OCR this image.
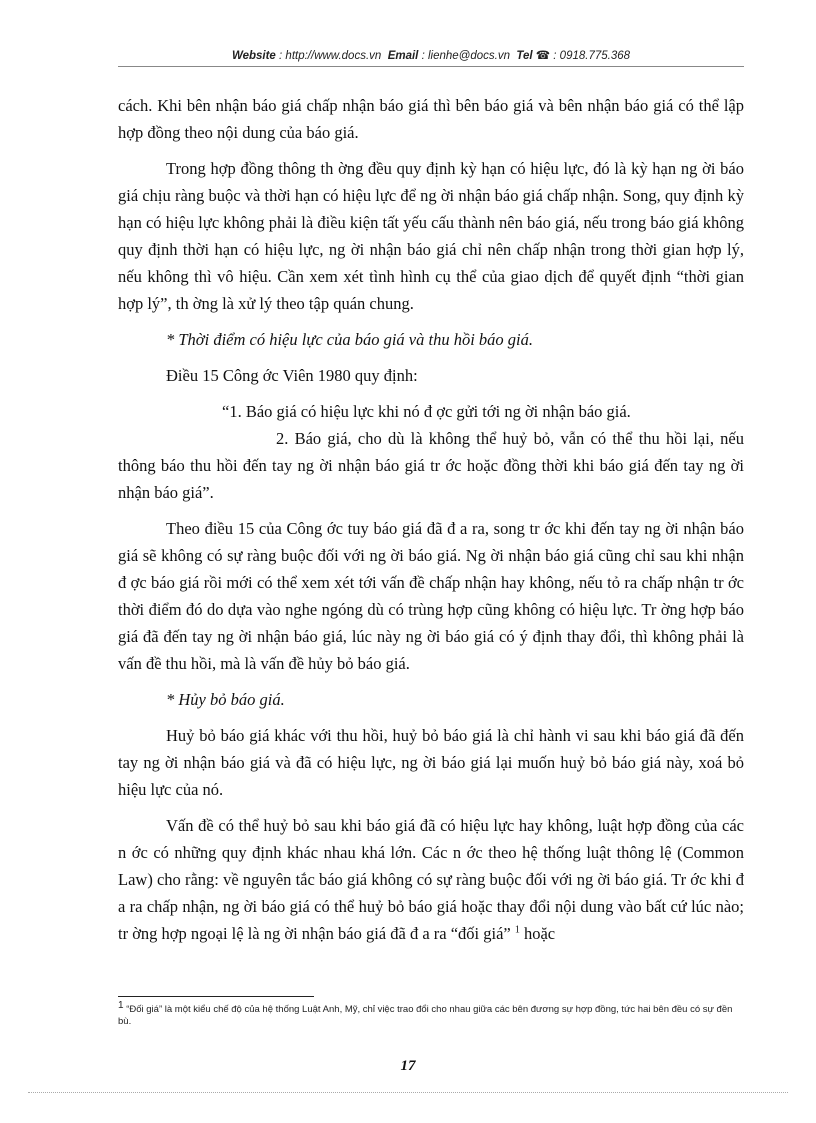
Website : http://www.docs.vn Email : lienhe@docs.vn Tel ☎ : 0918.775.368

cách. Khi bên nhận báo giá chấp nhận báo giá thì bên báo giá và bên nhận báo giá có thể lập hợp đồng theo nội dung của báo giá.

Trong hợp đồng thông th ờng đều quy định kỳ hạn có hiệu lực, đó là kỳ hạn ng ời báo giá chịu ràng buộc và thời hạn có hiệu lực để ng ời nhận báo giá chấp nhận. Song, quy định kỳ hạn có hiệu lực không phải là điều kiện tất yếu cấu thành nên báo giá, nếu trong báo giá không quy định thời hạn có hiệu lực, ng ời nhận báo giá chỉ nên chấp nhận trong thời gian hợp lý, nếu không thì vô hiệu. Cần xem xét tình hình cụ thể của giao dịch để quyết định “thời gian hợp lý”, th ờng là xử lý theo tập quán chung.

* Thời điểm có hiệu lực của báo giá và thu hồi báo giá.

Điều 15 Công ớc Viên 1980 quy định:

“1. Báo giá có hiệu lực khi nó đ ợc gửi tới ng ời nhận báo giá.

2. Báo giá, cho dù là không thể huỷ bỏ, vẫn có thể thu hồi lại, nếu thông báo thu hồi đến tay ng ời nhận báo giá tr ớc hoặc đồng thời khi báo giá đến tay ng ời nhận báo giá”.

Theo điều 15 của Công ớc tuy báo giá đã đ a ra, song tr ớc khi đến tay ng ời nhận báo giá sẽ không có sự ràng buộc đối với ng ời báo giá. Ng ời nhận báo giá cũng chỉ sau khi nhận đ ợc báo giá rồi mới có thể xem xét tới vấn đề chấp nhận hay không, nếu tỏ ra chấp nhận tr ớc thời điểm đó do dựa vào nghe ngóng dù có trùng hợp cũng không có hiệu lực. Tr ờng hợp báo giá đã đến tay ng ời nhận báo giá, lúc này ng ời báo giá có ý định thay đổi, thì không phải là vấn đề thu hồi, mà là vấn đề hủy bỏ báo giá.

* Hủy bỏ báo giá.

Huỷ bỏ báo giá khác với thu hồi, huỷ bỏ báo giá là chỉ hành vi sau khi báo giá đã đến tay ng ời nhận báo giá và đã có hiệu lực, ng ời báo giá lại muốn huỷ bỏ báo giá này, xoá bỏ hiệu lực của nó.

Vấn đề có thể huỷ bỏ sau khi báo giá đã có hiệu lực hay không, luật hợp đồng của các n ớc có những quy định khác nhau khá lớn. Các n ớc theo hệ thống luật thông lệ (Common Law) cho rằng: về nguyên tắc báo giá không có sự ràng buộc đối với ng ời báo giá. Tr ớc khi đ a ra chấp nhận, ng ời báo giá có thể huỷ bỏ báo giá hoặc thay đổi nội dung vào bất cứ lúc nào; tr ờng hợp ngoại lệ là ng ời nhận báo giá đã đ a ra “đối giá” $^1$ hoặc

$^1$ “Đối giá” là một kiểu chế độ của hệ thống Luật Anh, Mỹ, chỉ việc trao đổi cho nhau giữa các bên đương sự hợp đồng, tức hai bên đều có sự đền bù.
17
